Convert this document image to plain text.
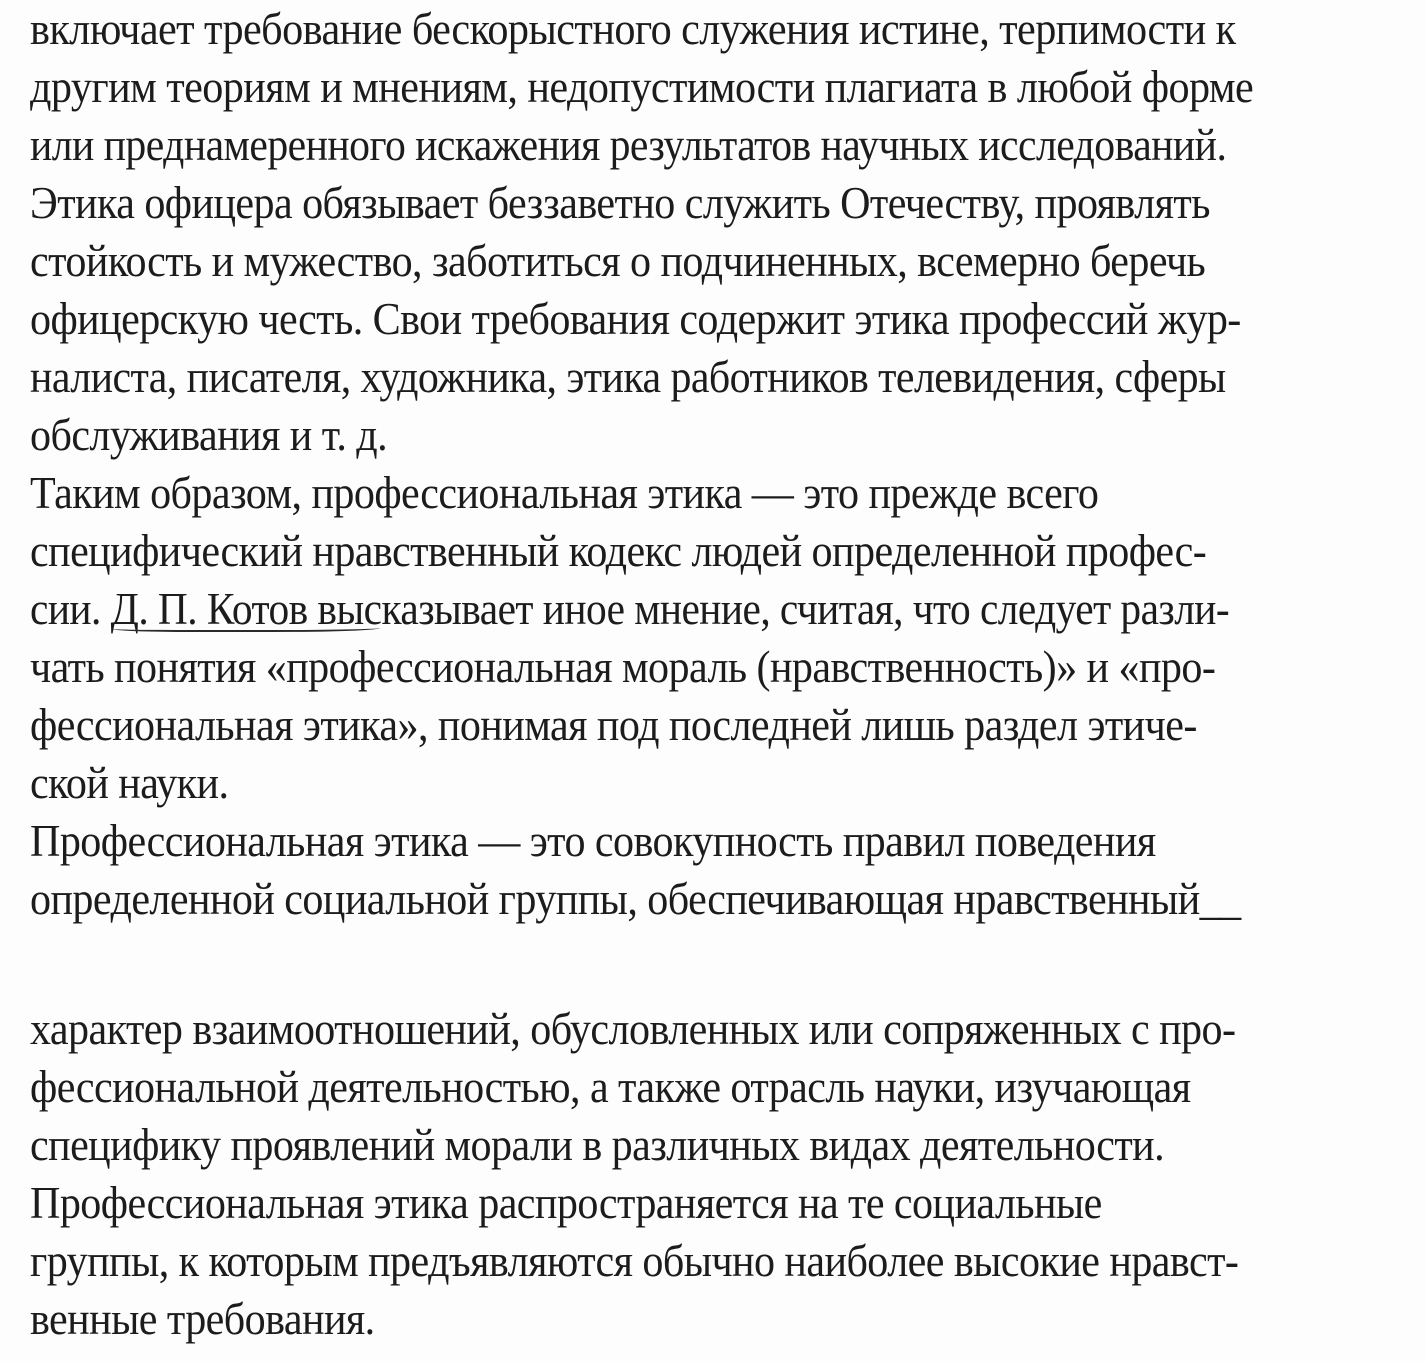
включает требование бескорыстного служения истине, терпимости к
другим теориям и мнениям, недопустимости плагиата в любой форме
или преднамеренного искажения результатов научных исследований.
Этика офицера обязывает беззаветно служить Отечеству, проявлять
стойкость и мужество, заботиться о подчиненных, всемерно беречь
офицерскую честь. Свои требования содержит этика профессий жур-
налиста, писателя, художника, этика работников телевидения, сферы
обслуживания и т. д.
Таким образом, профессиональная этика — это прежде всего
специфический нравственный кодекс людей определенной профес-
сии. Д. П. Котов высказывает иное мнение, считая, что следует разли-
чать понятия «профессиональная мораль (нравственность)» и «про-
фессиональная этика», понимая под последней лишь раздел этиче-
ской науки.
Профессиональная этика — это совокупность правил поведения
определенной социальной группы, обеспечивающая нравственный__
характер взаимоотношений, обусловленных или сопряженных с про-
фессиональной деятельностью, а также отрасль науки, изучающая
специфику проявлений морали в различных видах деятельности.
Профессиональная этика распространяется на те социальные
группы, к которым предъявляются обычно наиболее высокие нравст-
венные требования.
